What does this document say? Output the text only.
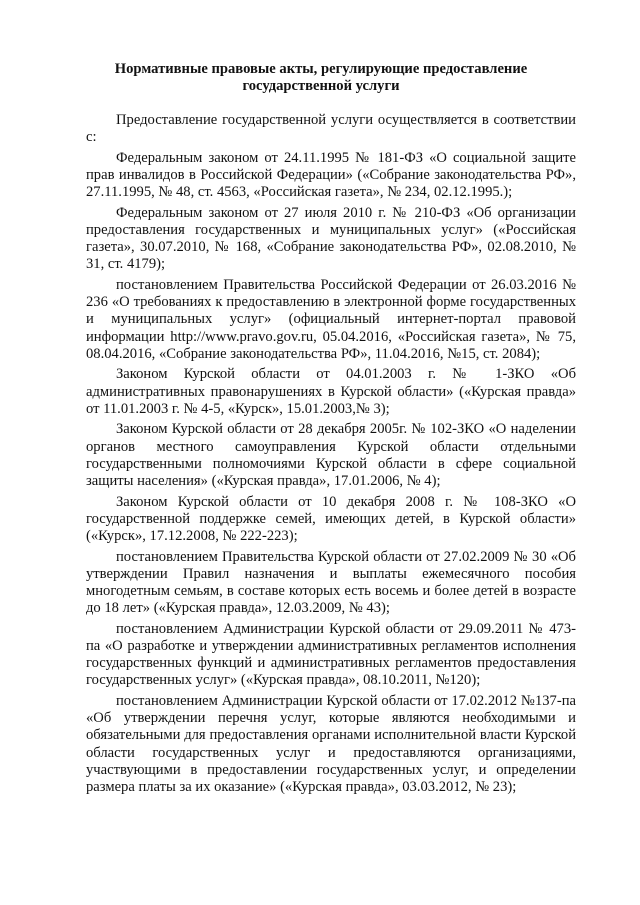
Нормативные правовые акты, регулирующие предоставление государственной услуги

Предоставление государственной услуги осуществляется в соответствии с:

Федеральным законом от 24.11.1995 № 181-ФЗ «О социальной защите прав инвалидов в Российской Федерации» («Собрание законодательства РФ», 27.11.1995, № 48, ст. 4563, «Российская газета», № 234, 02.12.1995.);

Федеральным законом от 27 июля 2010 г. № 210-ФЗ «Об организации предоставления государственных и муниципальных услуг» («Российская газета», 30.07.2010, № 168, «Собрание законодательства РФ», 02.08.2010, № 31, ст. 4179);

постановлением Правительства Российской Федерации от 26.03.2016 № 236 «О требованиях к предоставлению в электронной форме государственных и муниципальных услуг» (официальный интернет-портал правовой информации http://www.pravo.gov.ru, 05.04.2016, «Российская газета», № 75, 08.04.2016, «Собрание законодательства РФ», 11.04.2016, №15, ст. 2084);

Законом Курской области от 04.01.2003 г. № 1-ЗКО «Об административных правонарушениях в Курской области» («Курская правда» от 11.01.2003 г. № 4-5, «Курск», 15.01.2003,№ 3);

Законом Курской области от 28 декабря 2005г. № 102-ЗКО «О наделении органов местного самоуправления Курской области отдельными государственными полномочиями Курской области в сфере социальной защиты населения» («Курская правда», 17.01.2006, № 4);

Законом Курской области от 10 декабря 2008 г. № 108-ЗКО «О государственной поддержке семей, имеющих детей, в Курской области» («Курск», 17.12.2008, № 222-223);

постановлением Правительства Курской области от 27.02.2009 № 30 «Об утверждении Правил назначения и выплаты ежемесячного пособия многодетным семьям, в составе которых есть восемь и более детей в возрасте до 18 лет» («Курская правда», 12.03.2009, № 43);

постановлением Администрации Курской области от 29.09.2011 № 473-па «О разработке и утверждении административных регламентов исполнения государственных функций и административных регламентов предоставления государственных услуг» («Курская правда», 08.10.2011, №120);

постановлением Администрации Курской области от 17.02.2012 №137-па «Об утверждении перечня услуг, которые являются необходимыми и обязательными для предоставления органами исполнительной власти Курской области государственных услуг и предоставляются организациями, участвующими в предоставлении государственных услуг, и определении размера платы за их оказание» («Курская правда», 03.03.2012, № 23);
